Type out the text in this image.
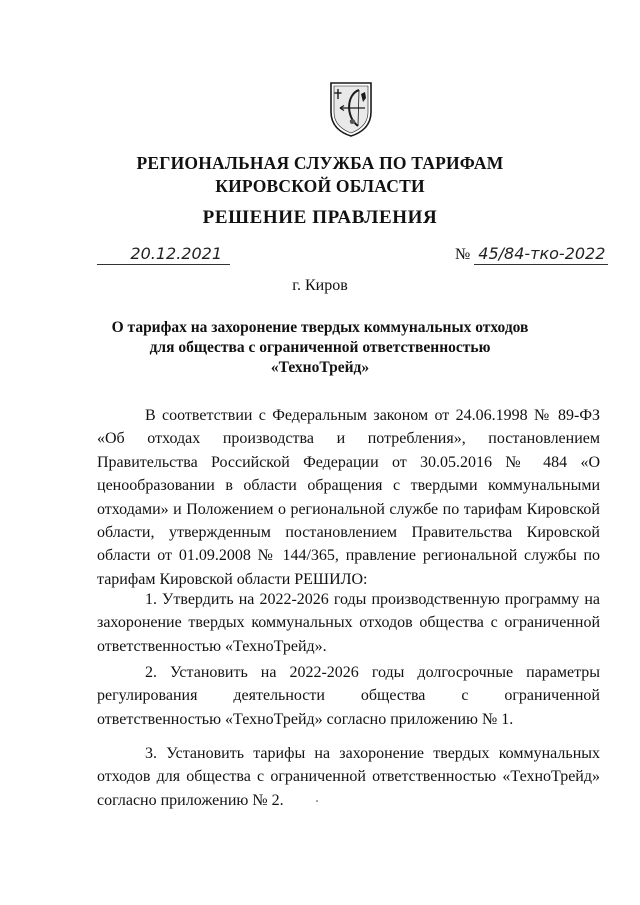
РЕГИОНАЛЬНАЯ СЛУЖБА ПО ТАРИФАМ
КИРОВСКОЙ ОБЛАСТИ
РЕШЕНИЕ ПРАВЛЕНИЯ
20.12.2021	№ 45/84-тко-2022
г. Киров
О тарифах на захоронение твердых коммунальных отходов
для общества с ограниченной ответственностью
«ТехноТрейд»

В соответствии с Федеральным законом от 24.06.1998 № 89-ФЗ «Об отходах производства и потребления», постановлением Правительства Российской Федерации от 30.05.2016 № 484 «О ценообразовании в области обращения с твердыми коммунальными отходами» и Положением о региональной службе по тарифам Кировской области, утвержденным постановлением Правительства Кировской области от 01.09.2008 № 144/365, правление региональной службы по тарифам Кировской области РЕШИЛО:

1. Утвердить на 2022-2026 годы производственную программу на захоронение твердых коммунальных отходов общества с ограниченной ответственностью «ТехноТрейд».

2. Установить на 2022-2026 годы долгосрочные параметры регулирования деятельности общества с ограниченной ответственностью «ТехноТрейд» согласно приложению № 1.

3. Установить тарифы на захоронение твердых коммунальных отходов для общества с ограниченной ответственностью «ТехноТрейд» согласно приложению № 2.
